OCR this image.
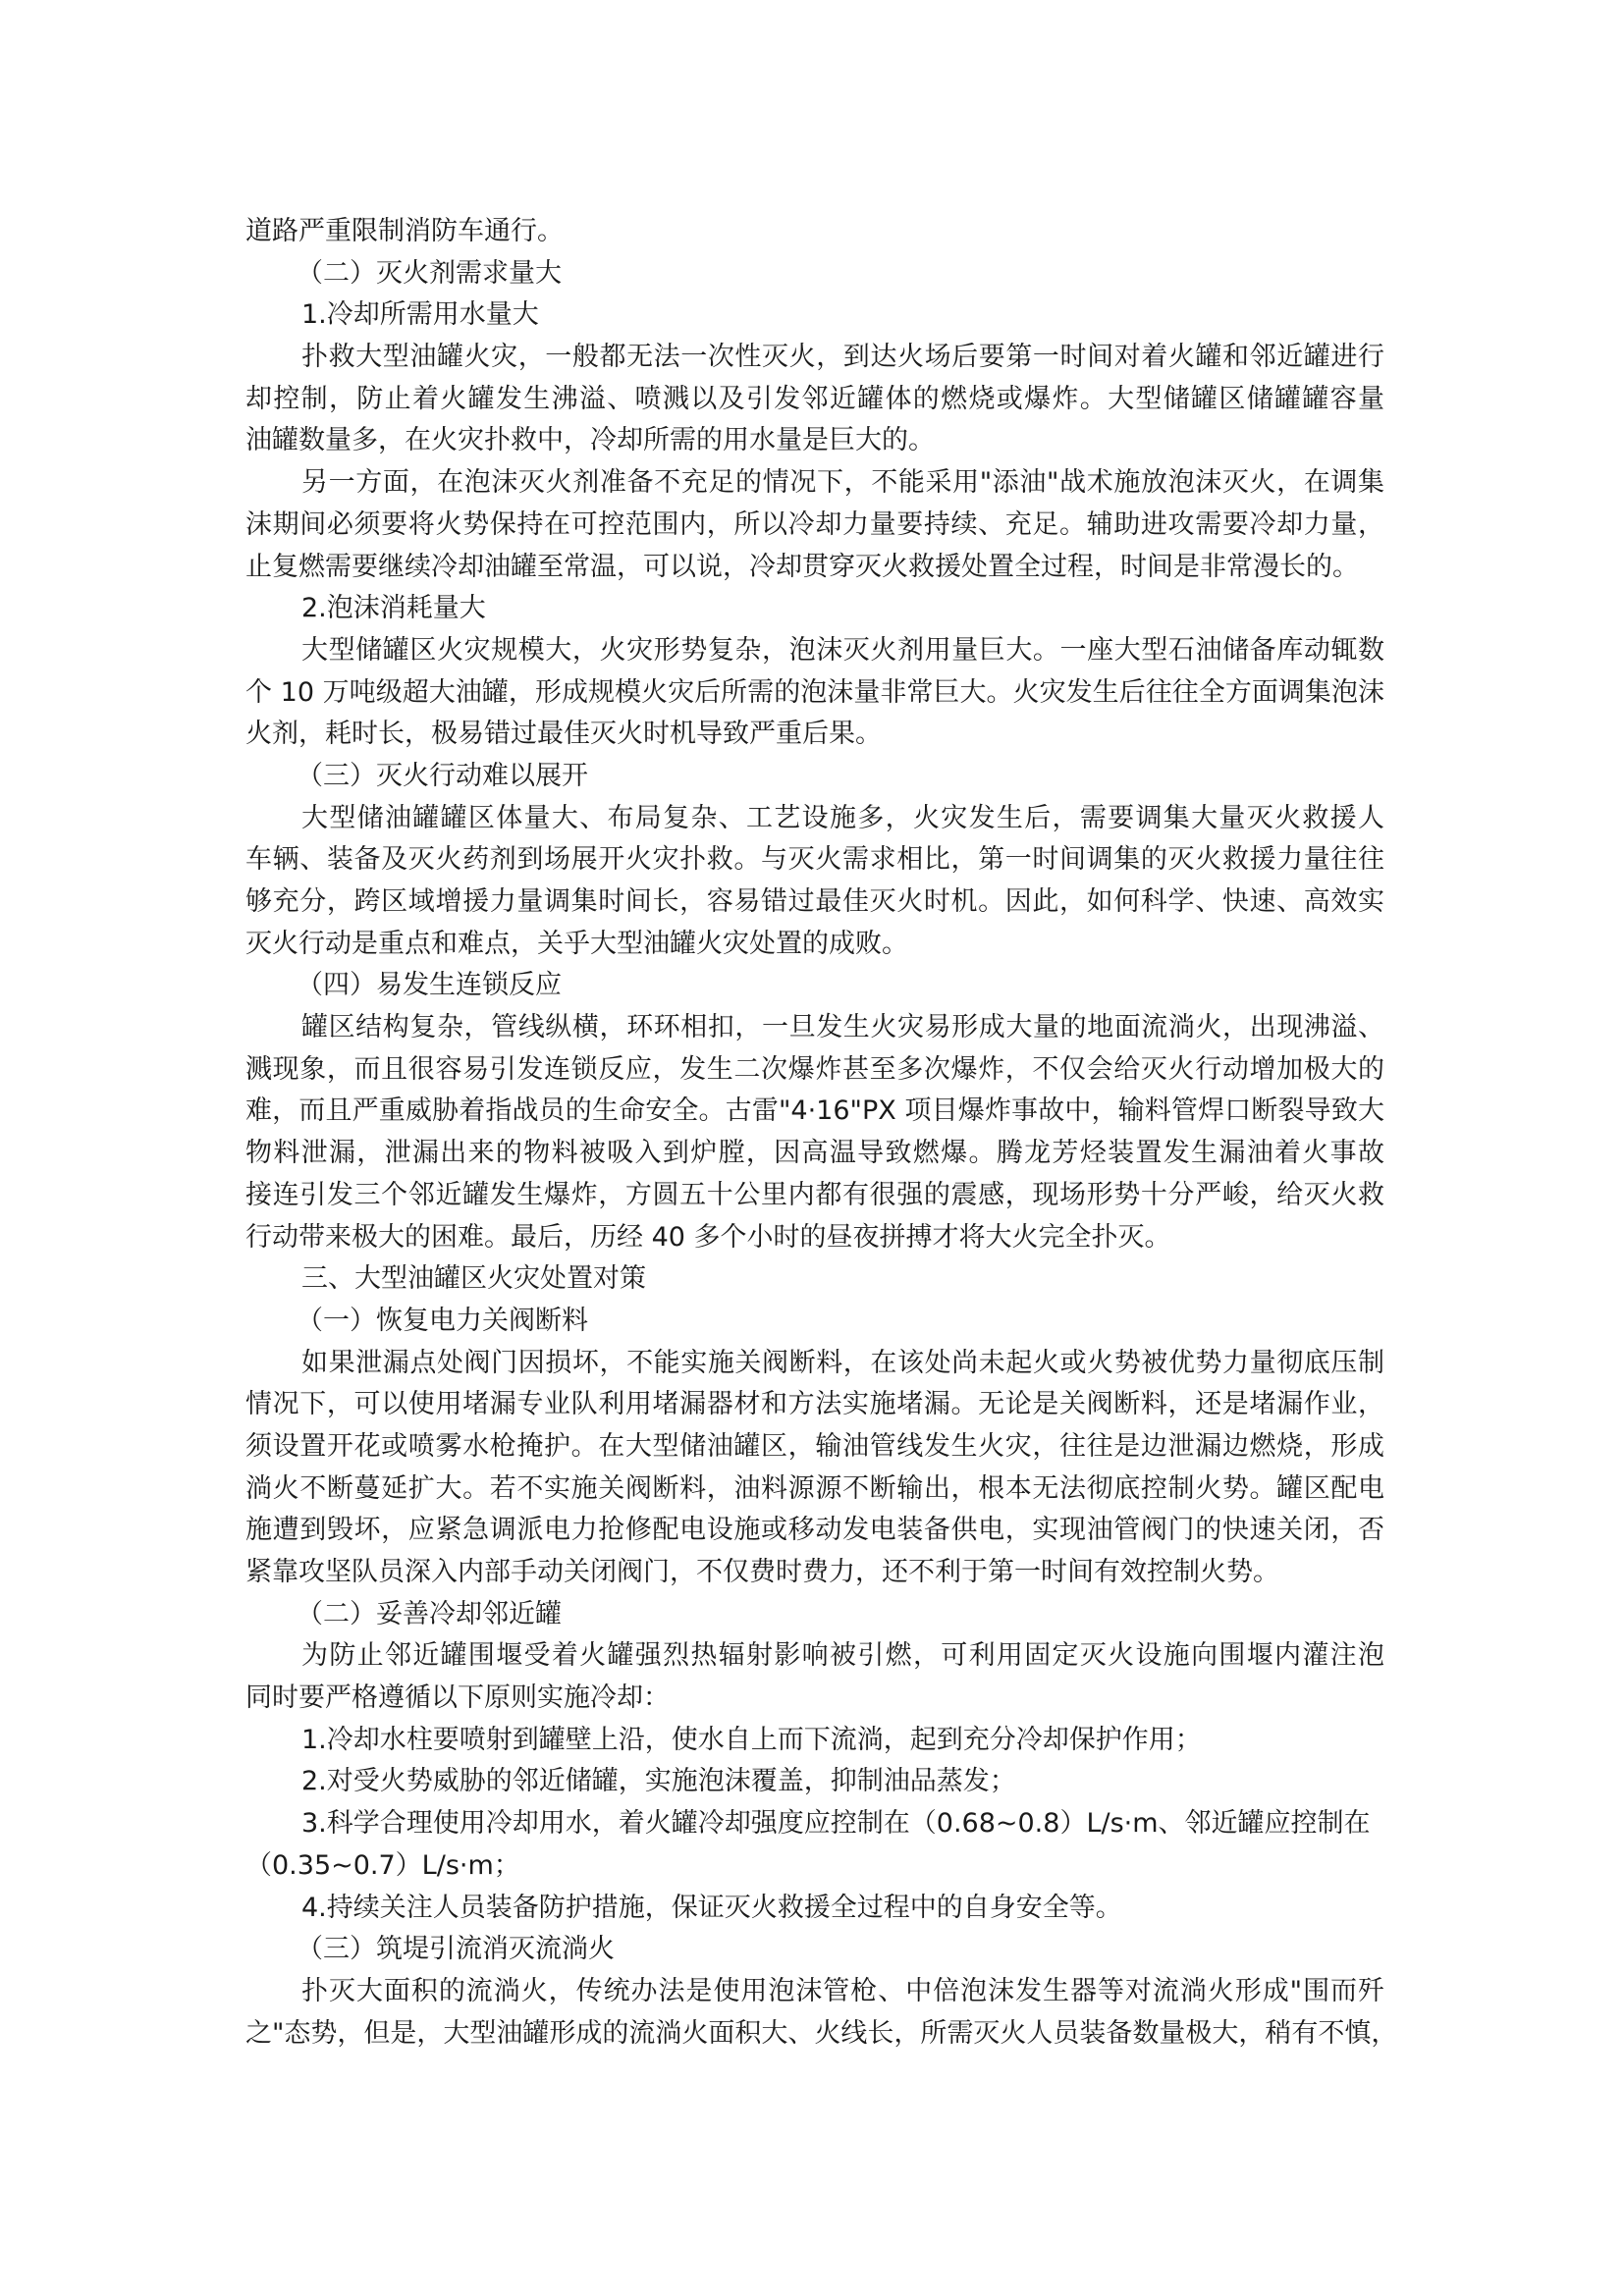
道路严重限制消防车通行。
（二）灭火剂需求量大
1.冷却所需用水量大
扑救大型油罐火灾，一般都无法一次性灭火，到达火场后要第一时间对着火罐和邻近罐进行
却控制，防止着火罐发生沸溢、喷溅以及引发邻近罐体的燃烧或爆炸。大型储罐区储罐罐容量
油罐数量多，在火灾扑救中，冷却所需的用水量是巨大的。
另一方面，在泡沫灭火剂准备不充足的情况下，不能采用"添油"战术施放泡沫灭火，在调集
沫期间必须要将火势保持在可控范围内，所以冷却力量要持续、充足。辅助进攻需要冷却力量，
止复燃需要继续冷却油罐至常温，可以说，冷却贯穿灭火救援处置全过程，时间是非常漫长的。
2.泡沫消耗量大
大型储罐区火灾规模大，火灾形势复杂，泡沫灭火剂用量巨大。一座大型石油储备库动辄数
个 10 万吨级超大油罐，形成规模火灾后所需的泡沫量非常巨大。火灾发生后往往全方面调集泡沫
火剂，耗时长，极易错过最佳灭火时机导致严重后果。
（三）灭火行动难以展开
大型储油罐罐区体量大、布局复杂、工艺设施多，火灾发生后，需要调集大量灭火救援人
车辆、装备及灭火药剂到场展开火灾扑救。与灭火需求相比，第一时间调集的灭火救援力量往往
够充分，跨区域增援力量调集时间长，容易错过最佳灭火时机。因此，如何科学、快速、高效实
灭火行动是重点和难点，关乎大型油罐火灾处置的成败。
（四）易发生连锁反应
罐区结构复杂，管线纵横，环环相扣，一旦发生火灾易形成大量的地面流淌火，出现沸溢、
溅现象，而且很容易引发连锁反应，发生二次爆炸甚至多次爆炸，不仅会给灭火行动增加极大的
难，而且严重威胁着指战员的生命安全。古雷"4·16"PX 项目爆炸事故中，输料管焊口断裂导致大
物料泄漏，泄漏出来的物料被吸入到炉膛，因高温导致燃爆。腾龙芳烃装置发生漏油着火事故
接连引发三个邻近罐发生爆炸，方圆五十公里内都有很强的震感，现场形势十分严峻，给灭火救
行动带来极大的困难。最后，历经 40 多个小时的昼夜拼搏才将大火完全扑灭。
三、大型油罐区火灾处置对策
（一）恢复电力关阀断料
如果泄漏点处阀门因损坏，不能实施关阀断料，在该处尚未起火或火势被优势力量彻底压制
情况下，可以使用堵漏专业队利用堵漏器材和方法实施堵漏。无论是关阀断料，还是堵漏作业，
须设置开花或喷雾水枪掩护。在大型储油罐区，输油管线发生火灾，往往是边泄漏边燃烧，形成
淌火不断蔓延扩大。若不实施关阀断料，油料源源不断输出，根本无法彻底控制火势。罐区配电
施遭到毁坏，应紧急调派电力抢修配电设施或移动发电装备供电，实现油管阀门的快速关闭，否
紧靠攻坚队员深入内部手动关闭阀门，不仅费时费力，还不利于第一时间有效控制火势。
（二）妥善冷却邻近罐
为防止邻近罐围堰受着火罐强烈热辐射影响被引燃，可利用固定灭火设施向围堰内灌注泡
同时要严格遵循以下原则实施冷却：
1.冷却水柱要喷射到罐壁上沿，使水自上而下流淌，起到充分冷却保护作用；
2.对受火势威胁的邻近储罐，实施泡沫覆盖，抑制油品蒸发；
3.科学合理使用冷却用水，着火罐冷却强度应控制在（0.68~0.8）L/s·m、邻近罐应控制在
（0.35~0.7）L/s·m；
4.持续关注人员装备防护措施，保证灭火救援全过程中的自身安全等。
（三）筑堤引流消灭流淌火
扑灭大面积的流淌火，传统办法是使用泡沫管枪、中倍泡沫发生器等对流淌火形成"围而歼
之"态势，但是，大型油罐形成的流淌火面积大、火线长，所需灭火人员装备数量极大，稍有不慎，
